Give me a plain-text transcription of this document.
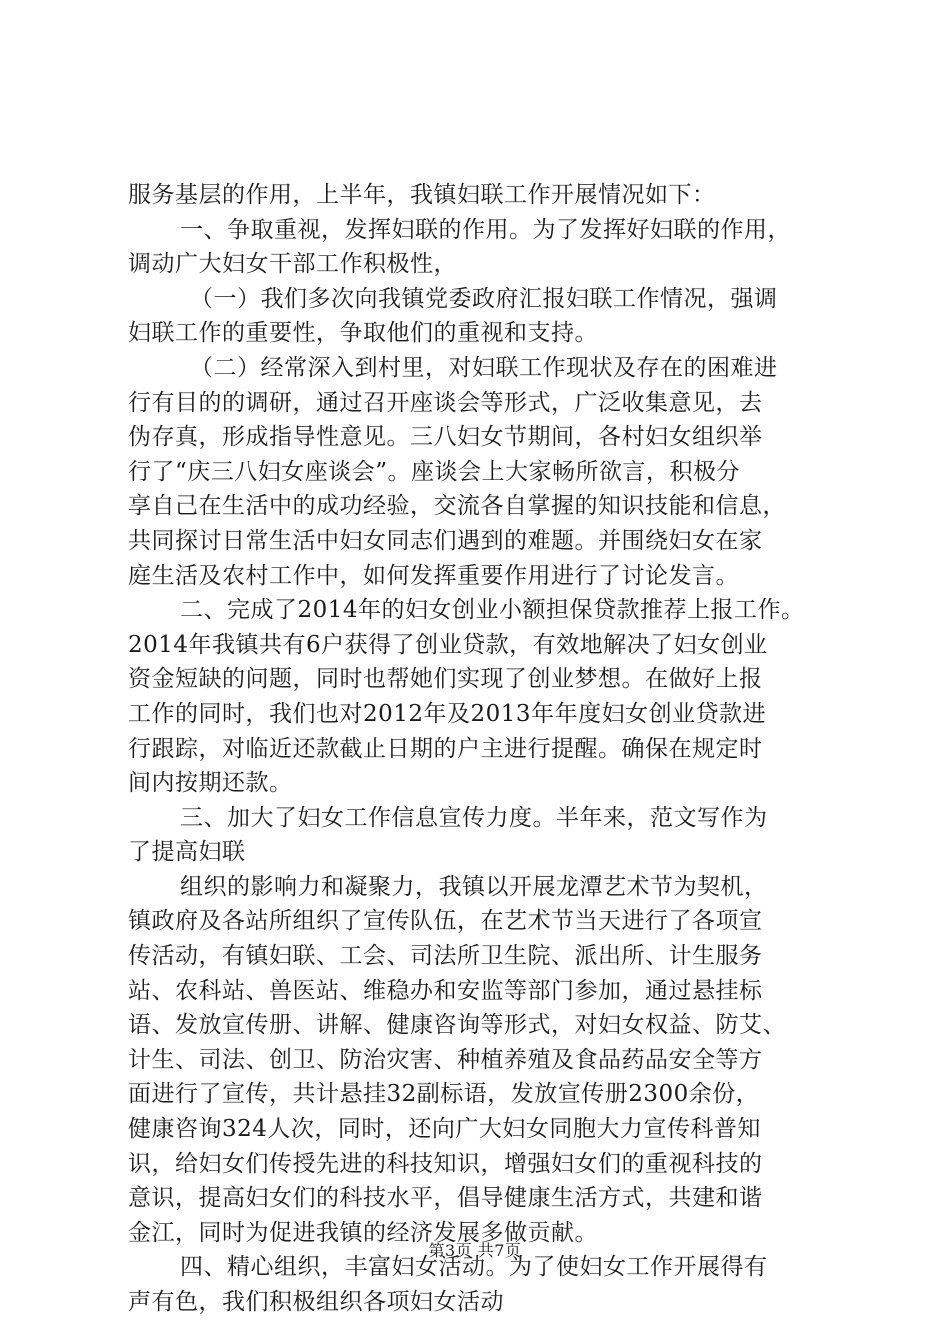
服务基层的作用，上半年，我镇妇联工作开展情况如下：
一、争取重视，发挥妇联的作用。为了发挥好妇联的作用，
调动广大妇女干部工作积极性，
（一）我们多次向我镇党委政府汇报妇联工作情况，强调
妇联工作的重要性，争取他们的重视和支持。
（二）经常深入到村里，对妇联工作现状及存在的困难进
行有目的的调研，通过召开座谈会等形式，广泛收集意见，去
伪存真，形成指导性意见。三八妇女节期间，各村妇女组织举
行了“庆三八妇女座谈会”。座谈会上大家畅所欲言，积极分
享自己在生活中的成功经验，交流各自掌握的知识技能和信息，
共同探讨日常生活中妇女同志们遇到的难题。并围绕妇女在家
庭生活及农村工作中，如何发挥重要作用进行了讨论发言。
二、完成了2014年的妇女创业小额担保贷款推荐上报工作。
2014年我镇共有6户获得了创业贷款，有效地解决了妇女创业
资金短缺的问题，同时也帮她们实现了创业梦想。在做好上报
工作的同时，我们也对2012年及2013年年度妇女创业贷款进
行跟踪，对临近还款截止日期的户主进行提醒。确保在规定时
间内按期还款。
三、加大了妇女工作信息宣传力度。半年来，范文写作为
了提高妇联
组织的影响力和凝聚力，我镇以开展龙潭艺术节为契机，
镇政府及各站所组织了宣传队伍，在艺术节当天进行了各项宣
传活动，有镇妇联、工会、司法所卫生院、派出所、计生服务
站、农科站、兽医站、维稳办和安监等部门参加，通过悬挂标
语、发放宣传册、讲解、健康咨询等形式，对妇女权益、防艾、
计生、司法、创卫、防治灾害、种植养殖及食品药品安全等方
面进行了宣传，共计悬挂32副标语，发放宣传册2300余份，
健康咨询324人次，同时，还向广大妇女同胞大力宣传科普知
识，给妇女们传授先进的科技知识，增强妇女们的重视科技的
意识，提高妇女们的科技水平，倡导健康生活方式，共建和谐
金江，同时为促进我镇的经济发展多做贡献。
四、精心组织，丰富妇女活动。为了使妇女工作开展得有
声有色，我们积极组织各项妇女活动
第3页 共7页
